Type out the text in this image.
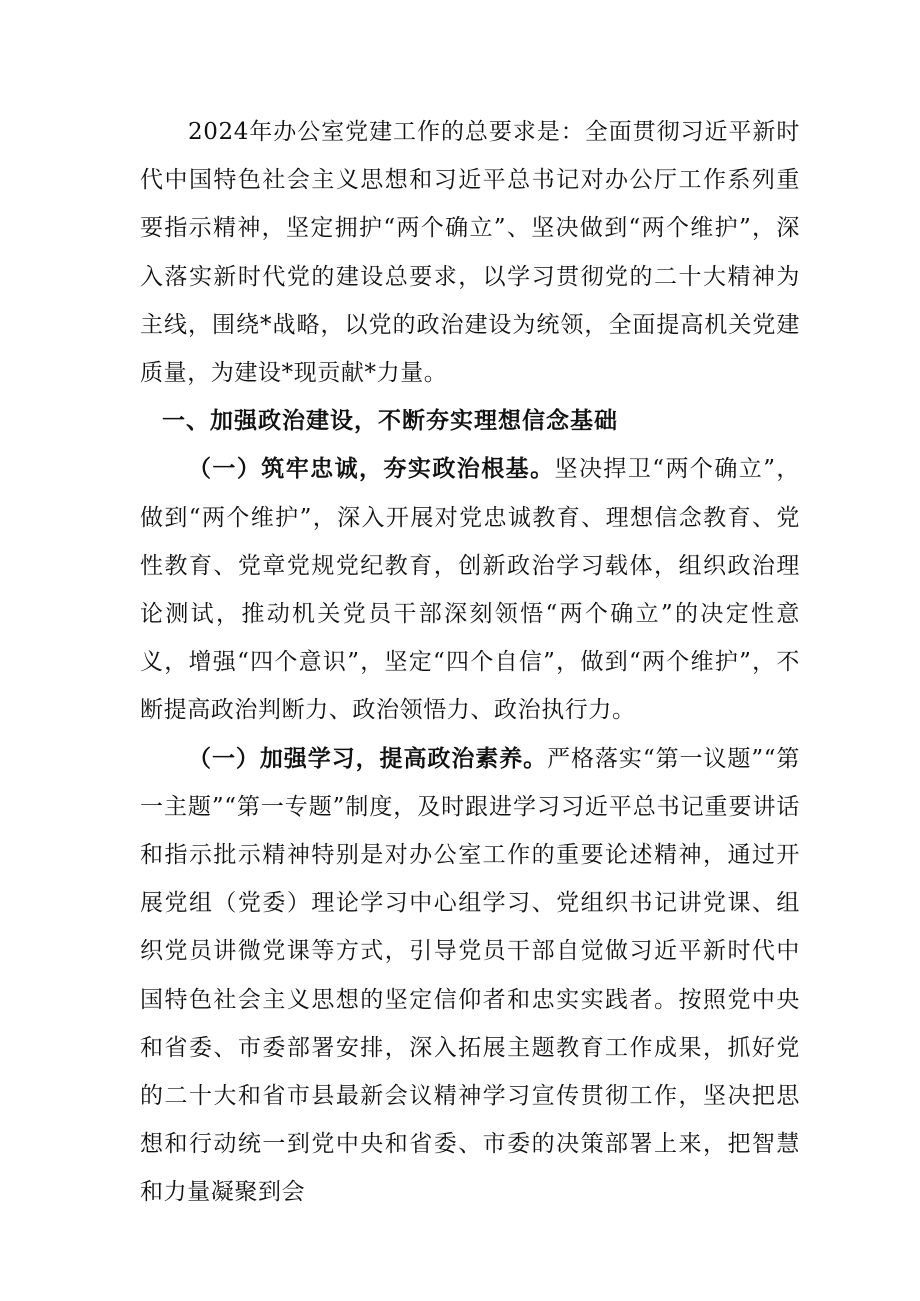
2024年办公室党建工作的总要求是：全面贯彻习近平新时代中国特色社会主义思想和习近平总书记对办公厅工作系列重要指示精神，坚定拥护“两个确立”、坚决做到“两个维护”，深入落实新时代党的建设总要求，以学习贯彻党的二十大精神为主线，围绕*战略，以党的政治建设为统领，全面提高机关党建质量，为建设*现贡献*力量。

一、加强政治建设，不断夯实理想信念基础

（一）筑牢忠诚，夯实政治根基。坚决捍卫“两个确立”，做到“两个维护”，深入开展对党忠诚教育、理想信念教育、党性教育、党章党规党纪教育，创新政治学习载体，组织政治理论测试，推动机关党员干部深刻领悟“两个确立”的决定性意义，增强“四个意识”，坚定“四个自信”，做到“两个维护”，不断提高政治判断力、政治领悟力、政治执行力。

（一）加强学习，提高政治素养。严格落实“第一议题”“第一主题”“第一专题”制度，及时跟进学习习近平总书记重要讲话和指示批示精神特别是对办公室工作的重要论述精神，通过开展党组（党委）理论学习中心组学习、党组织书记讲党课、组织党员讲微党课等方式，引导党员干部自觉做习近平新时代中国特色社会主义思想的坚定信仰者和忠实实践者。按照党中央和省委、市委部署安排，深入拓展主题教育工作成果，抓好党的二十大和省市县最新会议精神学习宣传贯彻工作，坚决把思想和行动统一到党中央和省委、市委的决策部署上来，把智慧和力量凝聚到会
